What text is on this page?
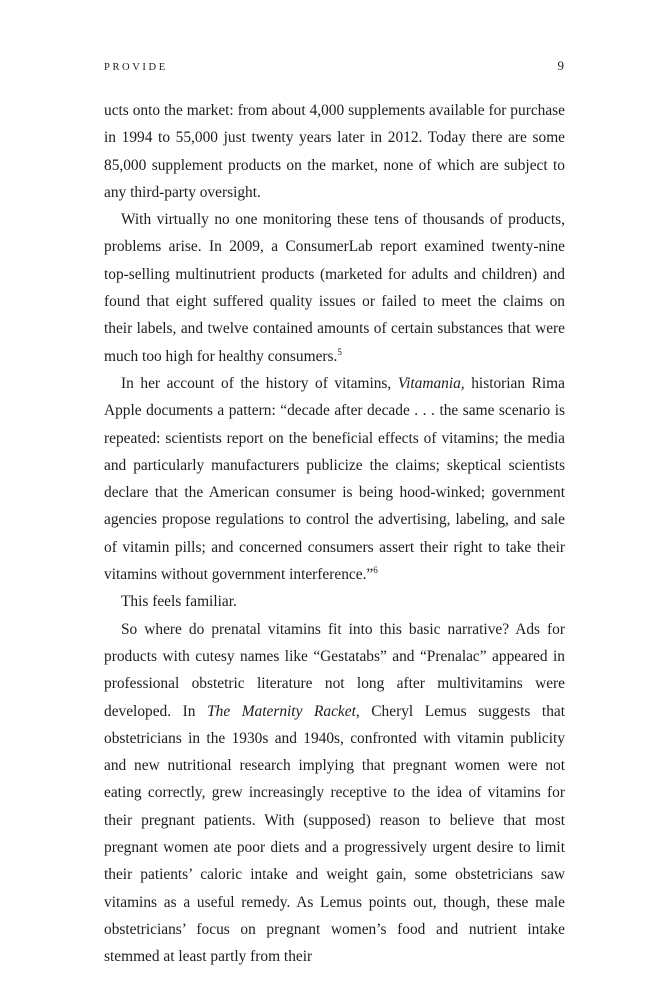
PROVIDE	9

ucts onto the market: from about 4,000 supplements available for purchase in 1994 to 55,000 just twenty years later in 2012. Today there are some 85,000 supplement products on the market, none of which are subject to any third-party oversight.

With virtually no one monitoring these tens of thousands of products, problems arise. In 2009, a ConsumerLab report examined twenty-nine top-selling multinutrient products (marketed for adults and children) and found that eight suffered quality issues or failed to meet the claims on their labels, and twelve contained amounts of certain substances that were much too high for healthy consumers.$^5$

In her account of the history of vitamins, Vitamania, historian Rima Apple documents a pattern: “decade after decade . . . the same scenario is repeated: scientists report on the beneficial effects of vitamins; the media and particularly manufacturers publicize the claims; skeptical scientists declare that the American consumer is being hood-winked; government agencies propose regulations to control the advertising, labeling, and sale of vitamin pills; and concerned consumers assert their right to take their vitamins without government interference.”$^6$

This feels familiar.

So where do prenatal vitamins fit into this basic narrative? Ads for products with cutesy names like “Gestatabs” and “Prenalac” appeared in professional obstetric literature not long after multivitamins were developed. In The Maternity Racket, Cheryl Lemus suggests that obstetricians in the 1930s and 1940s, confronted with vitamin publicity and new nutritional research implying that pregnant women were not eating correctly, grew increasingly receptive to the idea of vitamins for their pregnant patients. With (supposed) reason to believe that most pregnant women ate poor diets and a progressively urgent desire to limit their patients’ caloric intake and weight gain, some obstetricians saw vitamins as a useful remedy. As Lemus points out, though, these male obstetricians’ focus on pregnant women’s food and nutrient intake stemmed at least partly from their
